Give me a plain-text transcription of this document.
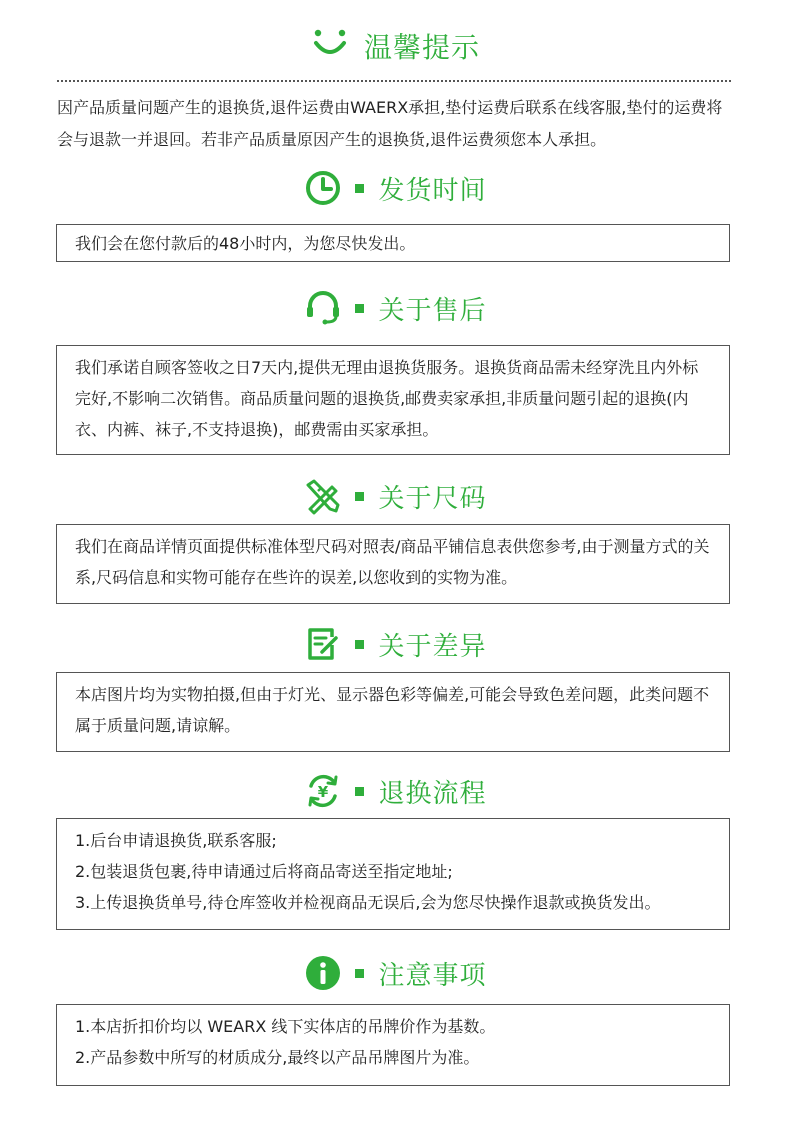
温馨提示
因产品质量问题产生的退换货,退件运费由WAERX承担,垫付运费后联系在线客服,垫付的运费将会与退款一并退回。若非产品质量原因产生的退换货,退件运费须您本人承担。
发货时间

我们会在您付款后的48小时内，为您尽快发出。

关于售后

我们承诺自顾客签收之日7天内,提供无理由退换货服务。退换货商品需未经穿洗且内外标完好,不影响二次销售。商品质量问题的退换货,邮费卖家承担,非质量问题引起的退换(内衣、内裤、袜子,不支持退换)，邮费需由买家承担。

关于尺码

我们在商品详情页面提供标准体型尺码对照表/商品平铺信息表供您参考,由于测量方式的关系,尺码信息和实物可能存在些许的误差,以您收到的实物为准。

关于差异

本店图片均为实物拍摄,但由于灯光、显示器色彩等偏差,可能会导致色差问题，此类问题不属于质量问题,请谅解。

¥ 退换流程

1.后台申请退换货,联系客服;

2.包装退货包裹,待申请通过后将商品寄送至指定地址;

3.上传退换货单号,待仓库签收并检视商品无误后,会为您尽快操作退款或换货发出。

注意事项

1.本店折扣价均以 WEARX 线下实体店的吊牌价作为基数。

2.产品参数中所写的材质成分,最终以产品吊牌图片为准。
